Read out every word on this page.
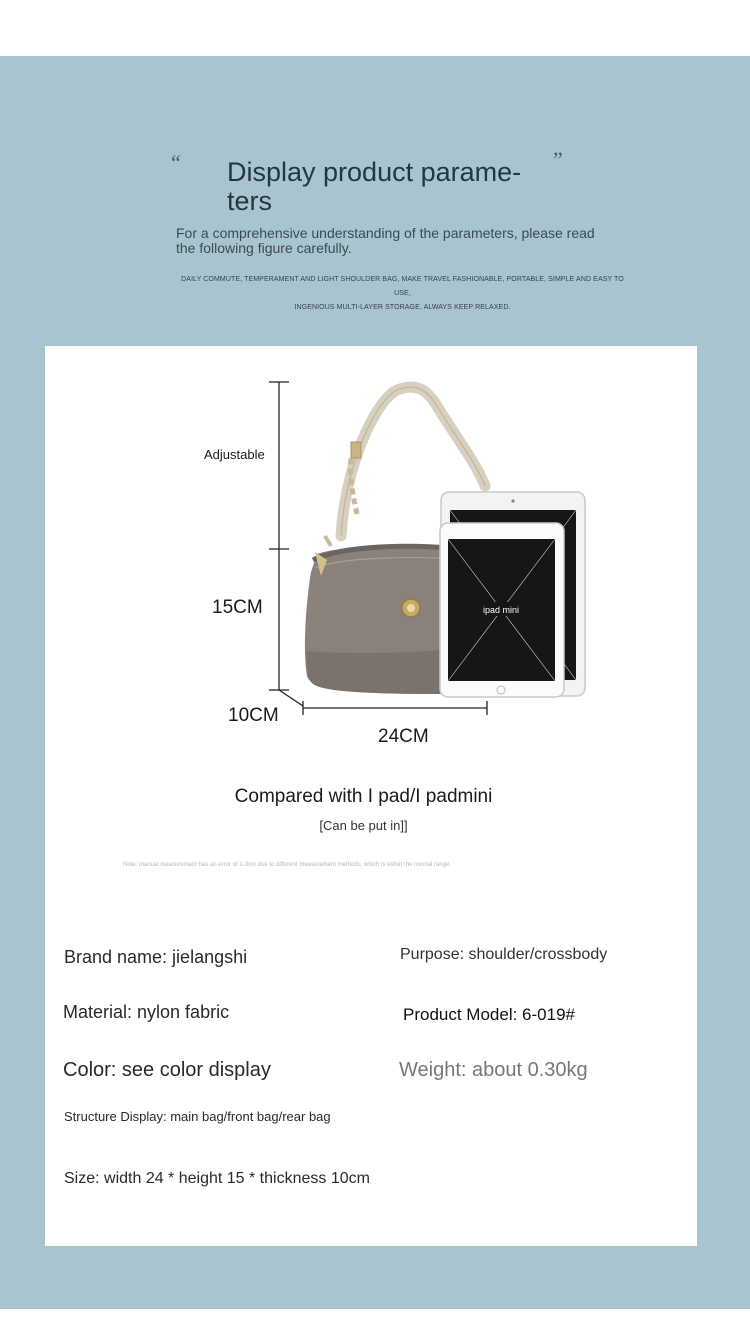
“	”
Display product parame-ters
For a comprehensive understanding of the parameters, please read the following figure carefully.
DAILY COMMUTE, TEMPERAMENT AND LIGHT SHOULDER BAG, MAKE TRAVEL FASHIONABLE, PORTABLE, SIMPLE AND EASY TO USE,
INGENIOUS MULTI-LAYER STORAGE, ALWAYS KEEP RELAXED.
ipad mini
Adjustable
15CM
10CM
24CM
Compared with I pad/I padmini
[Can be put in]]
Note: manual measurement has an error of 1-3cm due to different measurement methods, which is within the normal range.
Brand name: jielangshi	Purpose: shoulder/crossbody
Material: nylon fabric	Product Model: 6-019#
Color: see color display	Weight: about 0.30kg
Structure Display: main bag/front bag/rear bag
Size: width 24 * height 15 * thickness 10cm
